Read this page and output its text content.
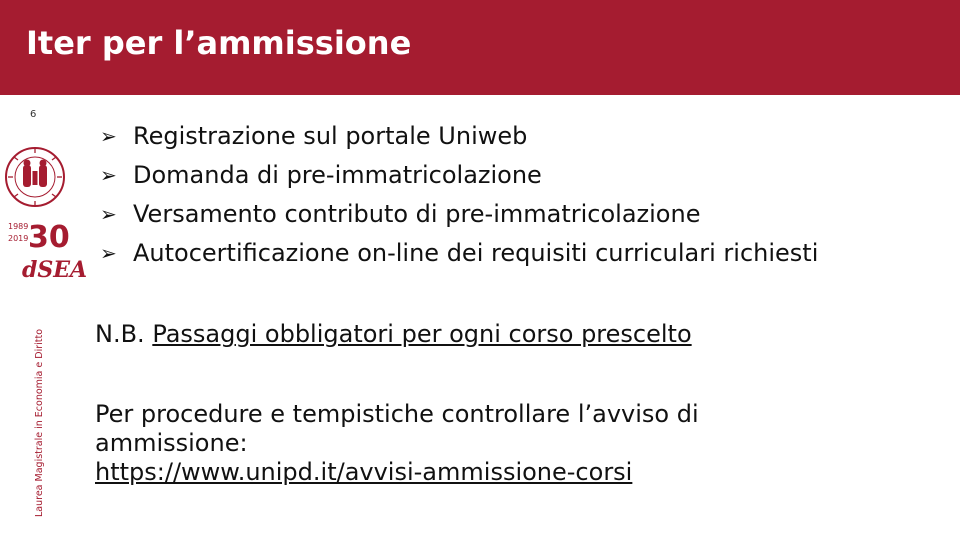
Iter per l’ammissione
6
Laurea Magistrale in Economia e Diritto
1989
2019 30
dSEA
➢ Registrazione sul portale Uniweb
➢ Domanda di pre-immatricolazione
➢ Versamento contributo di pre-immatricolazione
➢ Autocertificazione on-line dei requisiti curriculari richiesti
N.B. Passaggi obbligatori per ogni corso prescelto
Per procedure e tempistiche controllare l’avviso di ammissione:
https://www.unipd.it/avvisi-ammissione-corsi
